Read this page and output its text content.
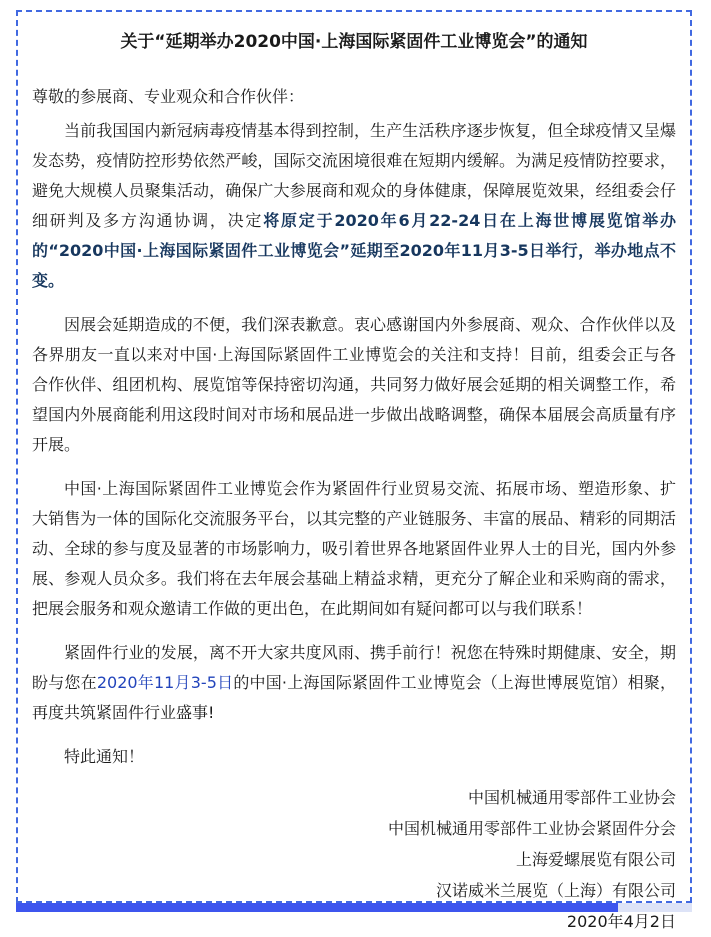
关于“延期举办2020中国·上海国际紧固件工业博览会”的通知

尊敬的参展商、专业观众和合作伙伴：

当前我国国内新冠病毒疫情基本得到控制，生产生活秩序逐步恢复，但全球疫情又呈爆发态势，疫情防控形势依然严峻，国际交流困境很难在短期内缓解。为满足疫情防控要求，避免大规模人员聚集活动，确保广大参展商和观众的身体健康，保障展览效果，经组委会仔细研判及多方沟通协调，决定将原定于2020年6月22-24日在上海世博展览馆举办的“2020中国·上海国际紧固件工业博览会”延期至2020年11月3-5日举行，举办地点不变。

因展会延期造成的不便，我们深表歉意。衷心感谢国内外参展商、观众、合作伙伴以及各界朋友一直以来对中国·上海国际紧固件工业博览会的关注和支持！目前，组委会正与各合作伙伴、组团机构、展览馆等保持密切沟通，共同努力做好展会延期的相关调整工作，希望国内外展商能利用这段时间对市场和展品进一步做出战略调整，确保本届展会高质量有序开展。

中国·上海国际紧固件工业博览会作为紧固件行业贸易交流、拓展市场、塑造形象、扩大销售为一体的国际化交流服务平台，以其完整的产业链服务、丰富的展品、精彩的同期活动、全球的参与度及显著的市场影响力，吸引着世界各地紧固件业界人士的目光，国内外参展、参观人员众多。我们将在去年展会基础上精益求精，更充分了解企业和采购商的需求，把展会服务和观众邀请工作做的更出色，在此期间如有疑问都可以与我们联系！

紧固件行业的发展，离不开大家共度风雨、携手前行！祝您在特殊时期健康、安全，期盼与您在2020年11月3-5日的中国·上海国际紧固件工业博览会（上海世博展览馆）相聚，再度共筑紧固件行业盛事!

特此通知！

中国机械通用零部件工业协会
中国机械通用零部件工业协会紧固件分会
上海爱螺展览有限公司
汉诺威米兰展览（上海）有限公司
2020年4月2日
